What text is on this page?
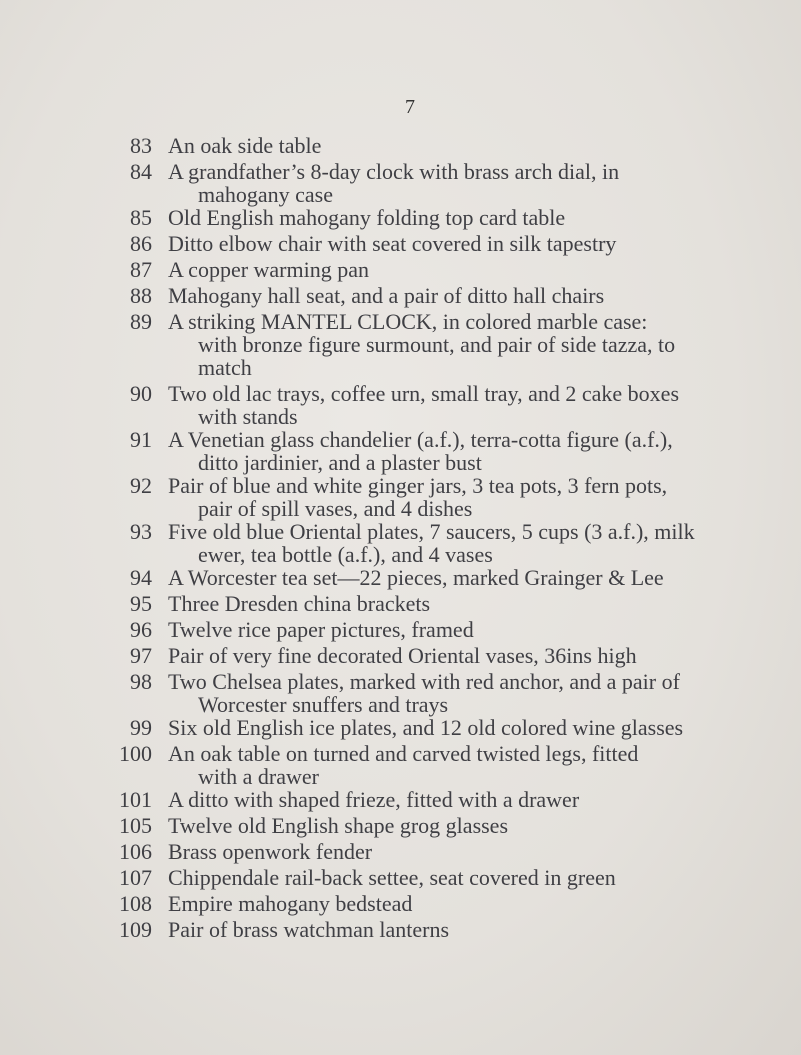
7
83 An oak side table
84 A grandfather’s 8-day clock with brass arch dial, in
mahogany case
85 Old English mahogany folding top card table
86 Ditto elbow chair with seat covered in silk tapestry
87 A copper warming pan
88 Mahogany hall seat, and a pair of ditto hall chairs
89 A striking MANTEL CLOCK, in colored marble case:
with bronze figure surmount, and pair of side tazza, to
match
90 Two old lac trays, coffee urn, small tray, and 2 cake boxes
with stands
91 A Venetian glass chandelier (a.f.), terra-cotta figure (a.f.),
ditto jardinier, and a plaster bust
92 Pair of blue and white ginger jars, 3 tea pots, 3 fern pots,
pair of spill vases, and 4 dishes
93 Five old blue Oriental plates, 7 saucers, 5 cups (3 a.f.), milk
ewer, tea bottle (a.f.), and 4 vases
94 A Worcester tea set—22 pieces, marked Grainger & Lee
95 Three Dresden china brackets
96 Twelve rice paper pictures, framed
97 Pair of very fine decorated Oriental vases, 36ins high
98 Two Chelsea plates, marked with red anchor, and a pair of
Worcester snuffers and trays
99 Six old English ice plates, and 12 old colored wine glasses
100 An oak table on turned and carved twisted legs, fitted
with a drawer
101 A ditto with shaped frieze, fitted with a drawer
105 Twelve old English shape grog glasses
106 Brass openwork fender
107 Chippendale rail-back settee, seat covered in green
108 Empire mahogany bedstead
109 Pair of brass watchman lanterns
